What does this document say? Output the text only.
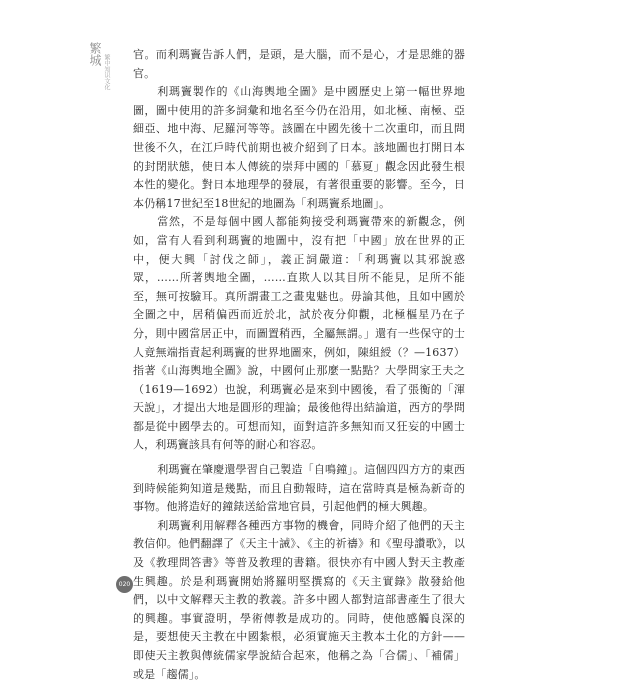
繁城 繁中知识文化 官。而利瑪竇告訴人們，是頭，是大腦，而不是心，才是思維的器官。

利瑪竇製作的《山海輿地全圖》是中國歷史上第一幅世界地圖，圖中使用的許多詞彙和地名至今仍在沿用，如北極、南極、亞細亞、地中海、尼羅河等等。該圖在中國先後十二次重印，而且問世後不久，在江戶時代前期也被介紹到了日本。該地圖也打開日本的封閉狀態，使日本人傳統的崇拜中國的「慕夏」觀念因此發生根本性的變化。對日本地理學的發展，有著很重要的影響。至今，日本仍稱17世紀至18世紀的地圖為「利瑪竇系地圖」。

當然，不是每個中國人都能夠接受利瑪竇帶來的新觀念，例如，當有人看到利瑪竇的地圖中，沒有把「中國」放在世界的正中，便大興「討伐之師」，義正詞嚴道：「利瑪竇以其邪說惑眾，……所著輿地全圖，……直欺人以其目所不能見，足所不能至，無可按驗耳。真所謂畫工之畫鬼魅也。毋論其他，且如中國於全圖之中，居稍偏西而近於北，試於夜分仰觀，北極樞星乃在子分，則中國當居正中，而圖置稍西，全屬無謂。」還有一些保守的士人竟無端指責起利瑪竇的世界地圖來，例如，陳組綬（？—1637）指著《山海輿地全圖》說，中國何止那麼一點點？大學問家王夫之（1619—1692）也說，利瑪竇必是來到中國後，看了張衡的「渾天說」，才提出大地是圓形的理論；最後他得出結論道，西方的學問都是從中國學去的。可想而知，面對這許多無知而又狂妄的中國士人，利瑪竇該具有何等的耐心和容忍。

利瑪竇在肇慶還學習自己製造「自鳴鐘」。這個四四方方的東西到時候能夠知道是幾點，而且自動報時，這在當時真是極為新奇的事物。他將造好的鐘錶送給當地官員，引起他們的極大興趣。

利瑪竇利用解釋各種西方事物的機會，同時介紹了他們的天主教信仰。他們翻譯了《天主十誡》、《主的祈禱》和《聖母讚歌》，以及《教理問答書》等普及教理的書籍。很快亦有中國人對天主教產生興趣。於是利瑪竇開始將羅明堅撰寫的《天主實錄》散發給他們，以中文解釋天主教的教義。許多中國人都對這部書產生了很大的興趣。事實證明，學術傳教是成功的。同時，使他感觸良深的是，要想使天主教在中國紮根，必須實施天主教本土化的方針——即使天主教與傳統儒家學說結合起來，他稱之為「合儒」、「補儒」或是「趨儒」。

020
